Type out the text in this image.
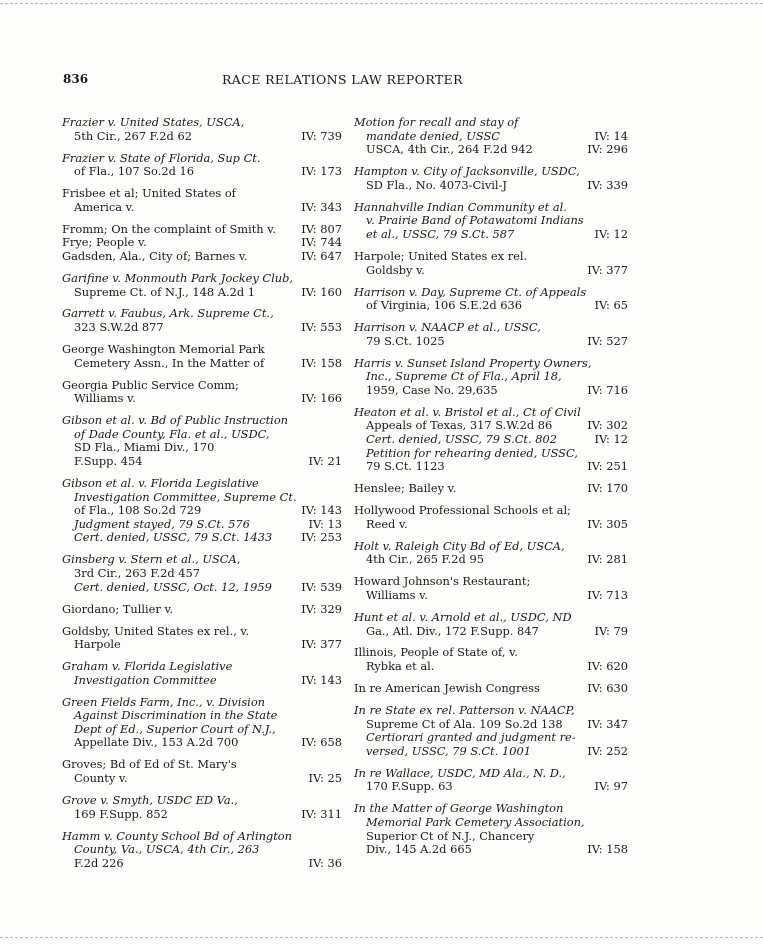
836	RACE RELATIONS LAW REPORTER
Frazier v. United States, USCA,
5th Cir., 267 F.2d 62	IV: 739
Frazier v. State of Florida, Sup Ct.
of Fla., 107 So.2d 16	IV: 173
Frisbee et al; United States of
America v.	IV: 343
Fromm; On the complaint of Smith v. IV: 807
Frye; People v.	IV: 744
Gadsden, Ala., City of; Barnes v.	IV: 647
Garifine v. Monmouth Park Jockey Club,
Supreme Ct. of N.J., 148 A.2d 1	IV: 160
Garrett v. Faubus, Ark. Supreme Ct.,
323 S.W.2d 877	IV: 553
George Washington Memorial Park
Cemetery Assn., In the Matter of	IV: 158
Georgia Public Service Comm;
Williams v.	IV: 166
Gibson et al. v. Bd of Public Instruction
of Dade County, Fla. et al., USDC,
SD Fla., Miami Div., 170
F.Supp. 454	IV: 21
Gibson et al. v. Florida Legislative
Investigation Committee, Supreme Ct.
of Fla., 108 So.2d 729	IV: 143
Judgment stayed, 79 S.Ct. 576	IV: 13
Cert. denied, USSC, 79 S.Ct. 1433	IV: 253
Ginsberg v. Stern et al., USCA,
3rd Cir., 263 F.2d 457
Cert. denied, USSC, Oct. 12, 1959	IV: 539
Giordano; Tullier v.	IV: 329
Goldsby, United States ex rel., v.
Harpole	IV: 377
Graham v. Florida Legislative
Investigation Committee	IV: 143
Green Fields Farm, Inc., v. Division
Against Discrimination in the State
Dept of Ed., Superior Court of N.J.,
Appellate Div., 153 A.2d 700	IV: 658
Groves; Bd of Ed of St. Mary's
County v.	IV: 25
Grove v. Smyth, USDC ED Va.,
169 F.Supp. 852	IV: 311
Hamm v. County School Bd of Arlington
County, Va., USCA, 4th Cir., 263
F.2d 226	IV: 36
Motion for recall and stay of
mandate denied, USSC	IV: 14
USCA, 4th Cir., 264 F.2d 942	IV: 296
Hampton v. City of Jacksonville, USDC,
SD Fla., No. 4073-Civil-J	IV: 339
Hannahville Indian Community et al.
v. Prairie Band of Potawatomi Indians
et al., USSC, 79 S.Ct. 587	IV: 12
Harpole; United States ex rel.
Goldsby v.	IV: 377
Harrison v. Day, Supreme Ct. of Appeals
of Virginia, 106 S.E.2d 636	IV: 65
Harrison v. NAACP et al., USSC,
79 S.Ct. 1025	IV: 527
Harris v. Sunset Island Property Owners,
Inc., Supreme Ct of Fla., April 18,
1959, Case No. 29,635	IV: 716
Heaton et al. v. Bristol et al., Ct of Civil
Appeals of Texas, 317 S.W.2d 86	IV: 302
Cert. denied, USSC, 79 S.Ct. 802	IV: 12
Petition for rehearing denied, USSC,
79 S.Ct. 1123	IV: 251
Henslee; Bailey v.	IV: 170
Hollywood Professional Schools et al;
Reed v.	IV: 305
Holt v. Raleigh City Bd of Ed, USCA,
4th Cir., 265 F.2d 95	IV: 281
Howard Johnson's Restaurant;
Williams v.	IV: 713
Hunt et al. v. Arnold et al., USDC, ND
Ga., Atl. Div., 172 F.Supp. 847	IV: 79
Illinois, People of State of, v.
Rybka et al.	IV: 620
In re American Jewish Congress	IV: 630
In re State ex rel. Patterson v. NAACP,
Supreme Ct of Ala. 109 So.2d 138 IV: 347
Certiorari granted and judgment re-
versed, USSC, 79 S.Ct. 1001	IV: 252
In re Wallace, USDC, MD Ala., N. D.,
170 F.Supp. 63	IV: 97
In the Matter of George Washington
Memorial Park Cemetery Association,
Superior Ct of N.J., Chancery
Div., 145 A.2d 665	IV: 158
